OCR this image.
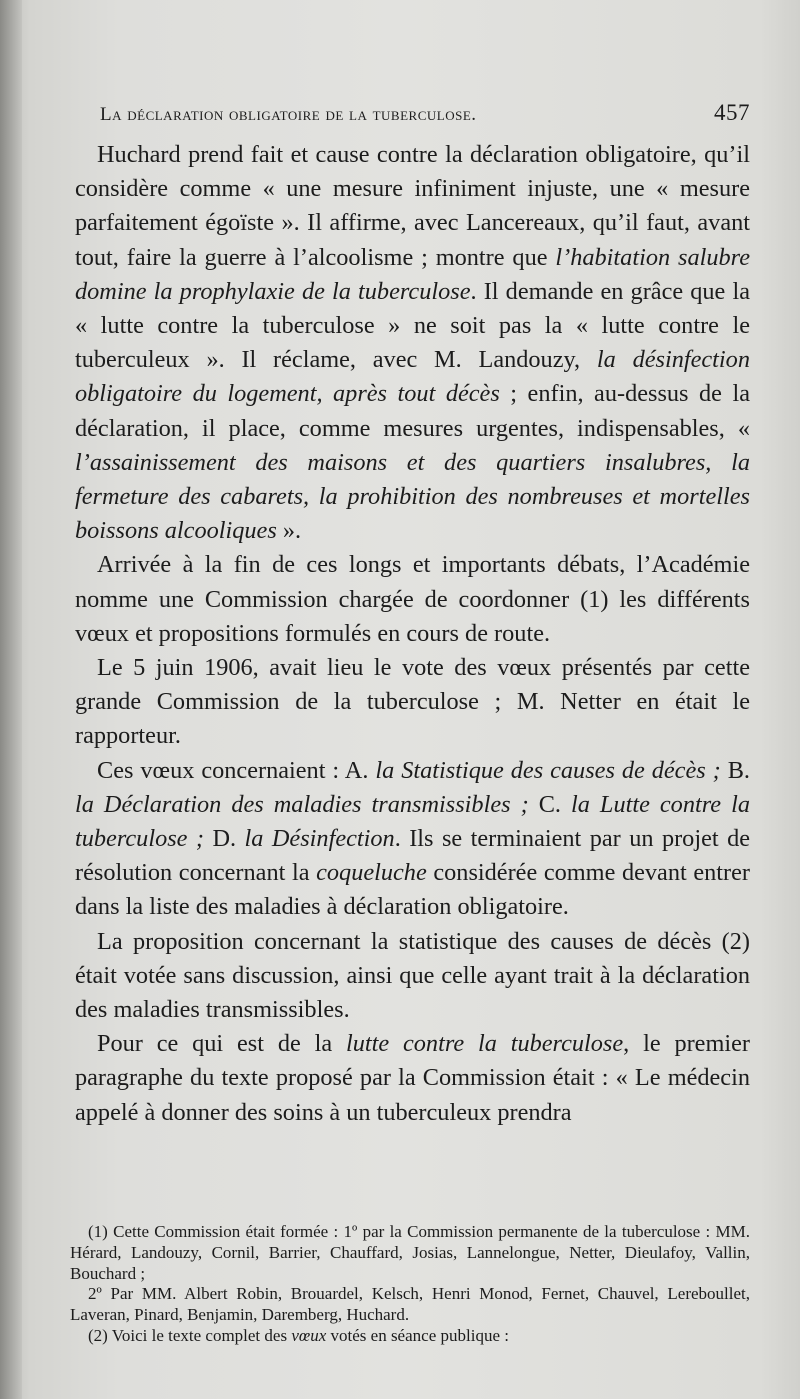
La déclaration obligatoire de la tuberculose.	457

Huchard prend fait et cause contre la déclaration obligatoire, qu’il considère comme « une mesure infiniment injuste, une « mesure parfaitement égoïste ». Il affirme, avec Lancereaux, qu’il faut, avant tout, faire la guerre à l’alcoolisme ; montre que l’habitation salubre domine la prophylaxie de la tuberculose. Il demande en grâce que la « lutte contre la tuberculose » ne soit pas la « lutte contre le tuberculeux ». Il réclame, avec M. Landouzy, la désinfection obligatoire du logement, après tout décès ; enfin, au-dessus de la déclaration, il place, comme mesures urgentes, indispensables, « l’assainissement des maisons et des quartiers insalubres, la fermeture des cabarets, la prohibition des nombreuses et mortelles boissons alcooliques ».

Arrivée à la fin de ces longs et importants débats, l’Académie nomme une Commission chargée de coordonner (1) les différents vœux et propositions formulés en cours de route.

Le 5 juin 1906, avait lieu le vote des vœux présentés par cette grande Commission de la tuberculose ; M. Netter en était le rapporteur.

Ces vœux concernaient : A. la Statistique des causes de décès ; B. la Déclaration des maladies transmissibles ; C. la Lutte contre la tuberculose ; D. la Désinfection. Ils se terminaient par un projet de résolution concernant la coqueluche considérée comme devant entrer dans la liste des maladies à déclaration obligatoire.

La proposition concernant la statistique des causes de décès (2) était votée sans discussion, ainsi que celle ayant trait à la déclaration des maladies transmissibles.

Pour ce qui est de la lutte contre la tuberculose, le premier paragraphe du texte proposé par la Commission était : « Le médecin appelé à donner des soins à un tuberculeux prendra

(1) Cette Commission était formée : 1º par la Commission permanente de la tuberculose : MM. Hérard, Landouzy, Cornil, Barrier, Chauffard, Josias, Lannelongue, Netter, Dieulafoy, Vallin, Bouchard ;

2º Par MM. Albert Robin, Brouardel, Kelsch, Henri Monod, Fernet, Chauvel, Lereboullet, Laveran, Pinard, Benjamin, Daremberg, Huchard.

(2) Voici le texte complet des vœux votés en séance publique :
